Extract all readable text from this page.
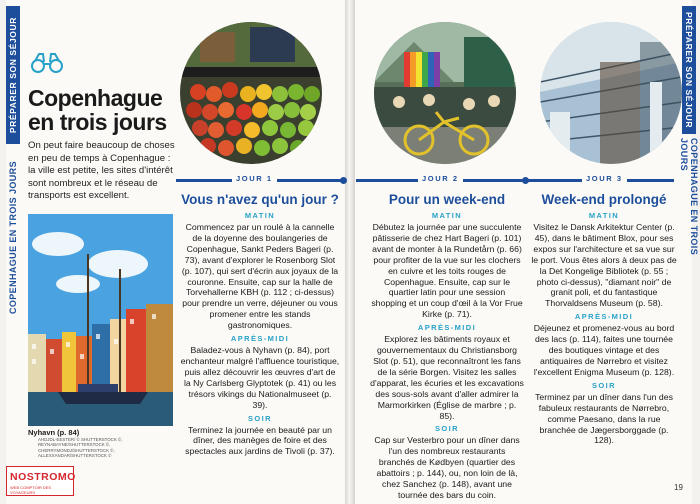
PRÉPARER SON SÉJOUR
COPENHAGUE EN TROIS JOURS
PRÉPARER SON SÉJOUR
COPENHAGUE EN TROIS JOURS
Copenhague
en trois jours
On peut faire beaucoup de choses en peu de temps à Copenhague : la ville est petite, les sites d'intérêt sont nombreux et le réseau de transports est excellent.
JOUR 1	JOUR 2	JOUR 3
Vous n'avez qu'un jour ?
MATIN

Commencez par un roulé à la cannelle de la doyenne des boulangeries de Copenhague, Sankt Peders Bageri (p. 73), avant d'explorer le Rosenborg Slot (p. 107), qui sert d'écrin aux joyaux de la couronne. Ensuite, cap sur la halle de Torvehallerne KBH (p. 112 ; ci-dessus) pour prendre un verre, déjeuner ou vous promener entre les stands gastronomiques.

APRÈS-MIDI

Baladez-vous à Nyhavn (p. 84), port enchanteur malgré l'affluence touristique, puis allez découvrir les œuvres d'art de la Ny Carlsberg Glyptotek (p. 41) ou les trésors vikings du Nationalmuseet (p. 39).

SOIR

Terminez la journée en beauté par un dîner, des manèges de foire et des spectacles aux jardins de Tivoli (p. 37).

Pour un week-end
MATIN

Débutez la journée par une succulente pâtisserie de chez Hart Bageri (p. 101) avant de monter à la Rundetårn (p. 66) pour profiter de la vue sur les clochers en cuivre et les toits rouges de Copenhague. Ensuite, cap sur le quartier latin pour une session shopping et un coup d'œil à la Vor Frue Kirke (p. 71).

APRÈS-MIDI

Explorez les bâtiments royaux et gouvernementaux du Christiansborg Slot (p. 51), que reconnaîtront les fans de la série Borgen. Visitez les salles d'apparat, les écuries et les excavations des sous-sols avant d'aller admirer la Marmorkirken (Église de marbre ; p. 85).

SOIR

Cap sur Vesterbro pour un dîner dans l'un des nombreux restaurants branchés de Kødbyen (quartier des abattoirs ; p. 144), ou, non loin de là, chez Sanchez (p. 148), avant une tournée des bars du coin.

Week-end prolongé
MATIN

Visitez le Dansk Arkitektur Center (p. 45), dans le bâtiment Blox, pour ses expos sur l'architecture et sa vue sur le port. Vous êtes alors à deux pas de la Det Kongelige Bibliotek (p. 55 ; photo ci-dessus), "diamant noir" de granit poli, et du fantastique Thorvaldsens Museum (p. 58).

APRÈS-MIDI

Déjeunez et promenez-vous au bord des lacs (p. 114), faites une tournée des boutiques vintage et des antiquaires de Nørrebro et visitez l'excellent Enigma Museum (p. 128).

SOIR

Terminez par un dîner dans l'un des fabuleux restaurants de Nørrebro, comme Paesano, dans la rue branchée de Jægersborggade (p. 128).

Nyhavn (p. 84)
AHDJDL-EESTER/ © SHUTTERSTOCK ©, REYNABAYNE/SHUTTERSTOCK ©, CHERRYMONDJ/SHUTTERSTOCK ©, ALLEXXANDAR/SHUTTERSTOCK ©
NOSTROMO
WEB COMPTOIR DES VOYAGEURS
19
